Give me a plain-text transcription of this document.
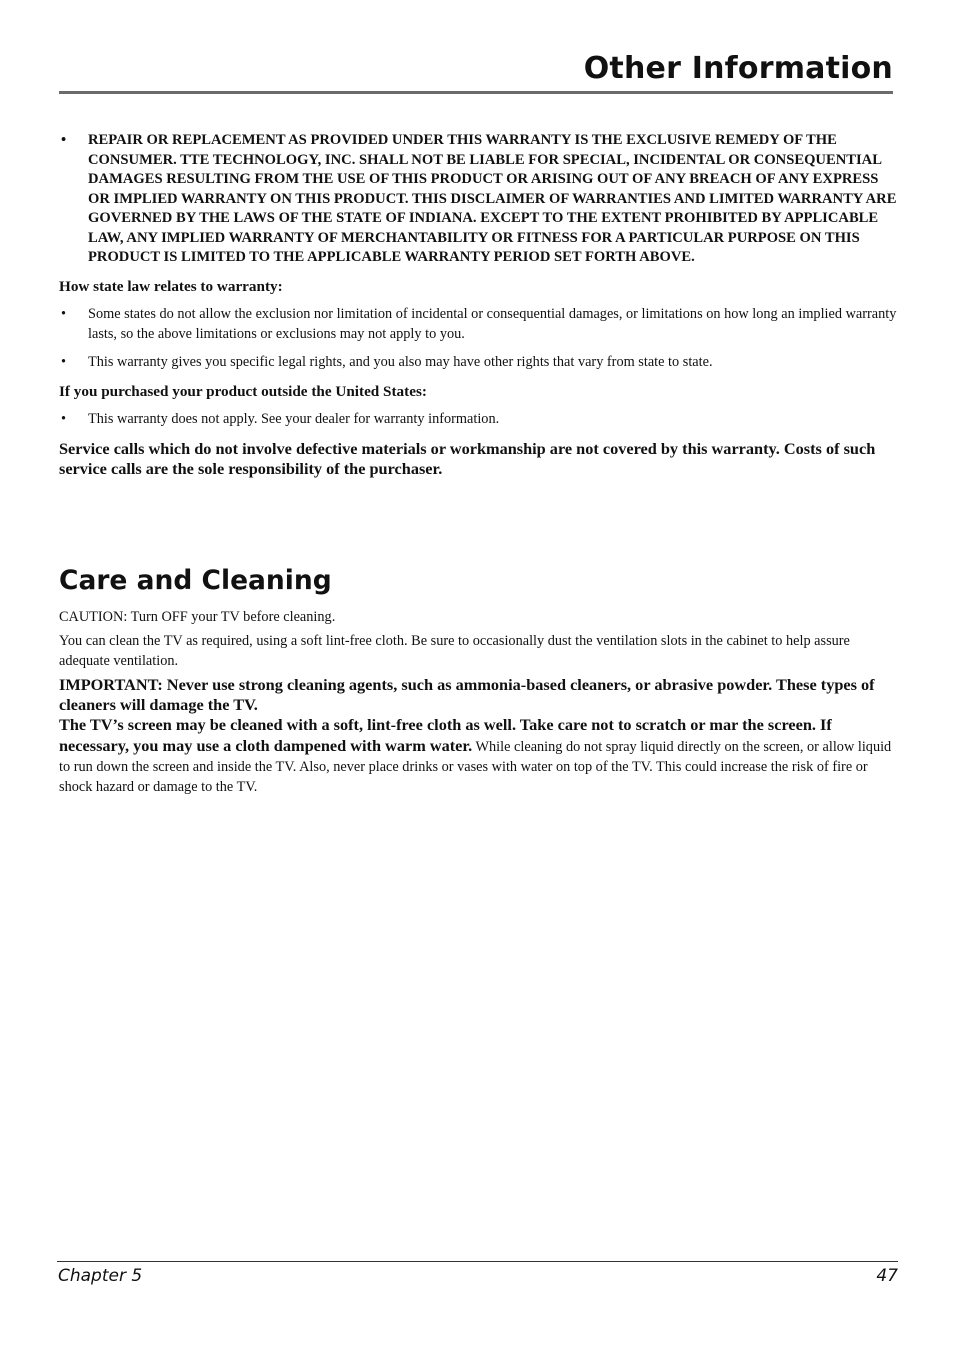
Other Information
• REPAIR OR REPLACEMENT AS PROVIDED UNDER THIS WARRANTY IS THE EXCLUSIVE REMEDY OF THE CONSUMER. TTE TECHNOLOGY, INC. SHALL NOT BE LIABLE FOR SPECIAL, INCIDENTAL OR CONSEQUENTIAL DAMAGES RESULTING FROM THE USE OF THIS PRODUCT OR ARISING OUT OF ANY BREACH OF ANY EXPRESS OR IMPLIED WARRANTY ON THIS PRODUCT. THIS DISCLAIMER OF WARRANTIES AND LIMITED WARRANTY ARE GOVERNED BY THE LAWS OF THE STATE OF INDIANA. EXCEPT TO THE EXTENT PROHIBITED BY APPLICABLE LAW, ANY IMPLIED WARRANTY OF MERCHANTABILITY OR FITNESS FOR A PARTICULAR PURPOSE ON THIS PRODUCT IS LIMITED TO THE APPLICABLE WARRANTY PERIOD SET FORTH ABOVE.
How state law relates to warranty:
• Some states do not allow the exclusion nor limitation of incidental or consequential damages, or limitations on how long an implied warranty lasts, so the above limitations or exclusions may not apply to you.
• This warranty gives you specific legal rights, and you also may have other rights that vary from state to state.
If you purchased your product outside the United States:
• This warranty does not apply. See your dealer for warranty information.
Service calls which do not involve defective materials or workmanship are not covered by this warranty. Costs of such service calls are the sole responsibility of the purchaser.
Care and Cleaning
CAUTION: Turn OFF your TV before cleaning.
You can clean the TV as required, using a soft lint-free cloth. Be sure to occasionally dust the ventilation slots in the cabinet to help assure adequate ventilation.
IMPORTANT: Never use strong cleaning agents, such as ammonia-based cleaners, or abrasive powder. These types of cleaners will damage the TV.
The TV’s screen may be cleaned with a soft, lint-free cloth as well. Take care not to scratch or mar the screen. If necessary, you may use a cloth dampened with warm water. While cleaning do not spray liquid directly on the screen, or allow liquid to run down the screen and inside the TV. Also, never place drinks or vases with water on top of the TV. This could increase the risk of fire or shock hazard or damage to the TV.
Chapter 5	47
